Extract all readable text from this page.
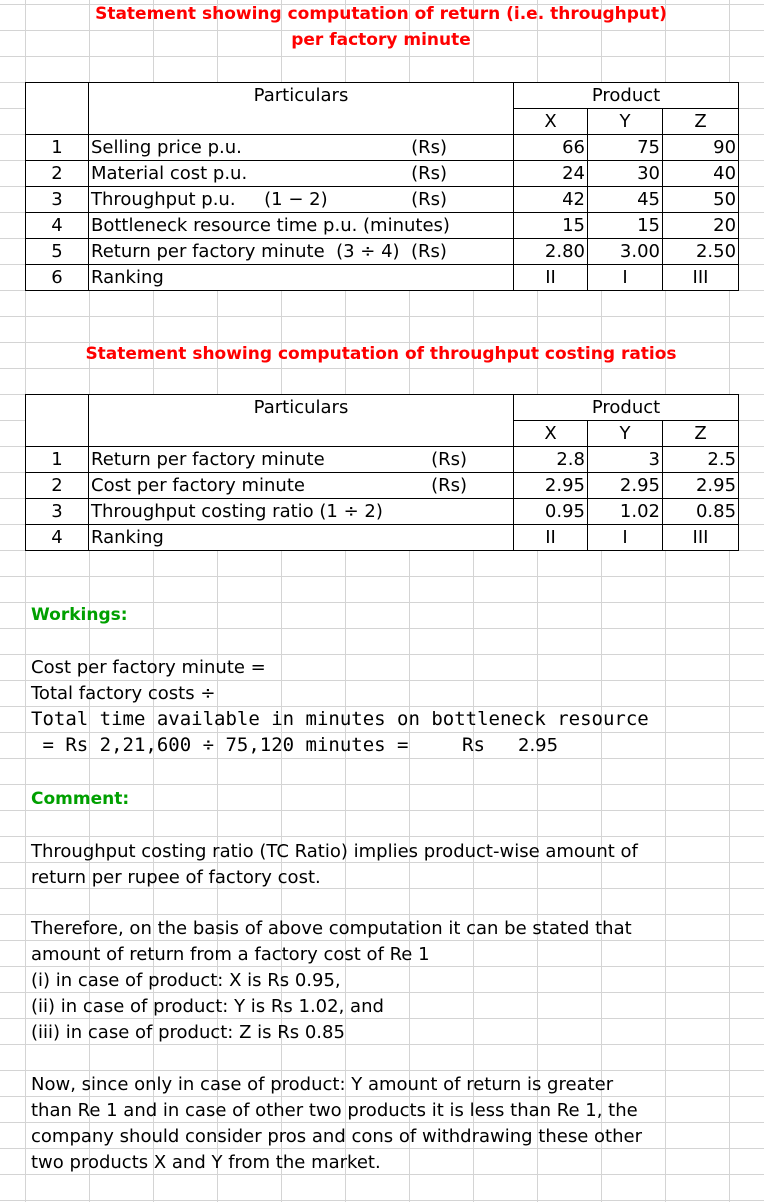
Statement showing computation of return (i.e. throughput)
per factory minute
	Particulars	Product		
		X	Y	Z
1	Selling price p.u. (Rs)	66	75	90
2	Material cost p.u. (Rs)	24	30	40
3	Throughput p.u.     (1 − 2) (Rs)	42	45	50
4	Bottleneck resource time p.u. (minutes)	15	15	20
5	Return per factory minute  (3 ÷ 4)  (Rs)	2.80	3.00	2.50
6	Ranking	II	I	III
Statement showing computation of throughput costing ratios
	Particulars	Product		
		X	Y	Z
1	Return per factory minute (Rs)	2.8	3	2.5
2	Cost per factory minute (Rs)	2.95	2.95	2.95
3	Throughput costing ratio (1 ÷ 2)	0.95	1.02	0.85
4	Ranking	II	I	III
Workings:
Cost per factory minute =
Total factory costs ÷
Total time available in minutes on bottleneck resource
= Rs 2,21,600 ÷ 75,120 minutes =	Rs 2.95
Comment:
Throughput costing ratio (TC Ratio) implies product-wise amount of
return per rupee of factory cost.
Therefore, on the basis of above computation it can be stated that
amount of return from a factory cost of Re 1
(i) in case of product: X is Rs 0.95,
(ii) in case of product: Y is Rs 1.02, and
(iii) in case of product: Z is Rs 0.85
Now, since only in case of product: Y amount of return is greater
than Re 1 and in case of other two products it is less than Re 1, the
company should consider pros and cons of withdrawing these other
two products X and Y from the market.
